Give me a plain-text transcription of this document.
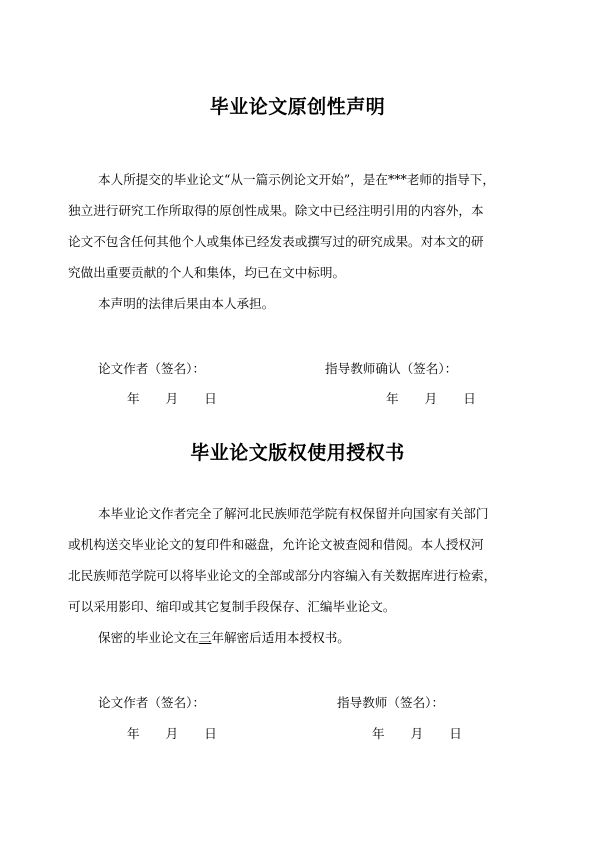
毕业论文原创性声明

本人所提交的毕业论文“从一篇示例论文开始”，是在***老师的指导下，

独立进行研究工作所取得的原创性成果。除文中已经注明引用的内容外，本

论文不包含任何其他个人或集体已经发表或撰写过的研究成果。对本文的研

究做出重要贡献的个人和集体，均已在文中标明。

本声明的法律后果由本人承担。

论文作者（签名）：	指导教师确认（签名）：
年 月 日	年 月 日
毕业论文版权使用授权书

本毕业论文作者完全了解河北民族师范学院有权保留并向国家有关部门

或机构送交毕业论文的复印件和磁盘，允许论文被查阅和借阅。本人授权河

北民族师范学院可以将毕业论文的全部或部分内容编入有关数据库进行检索，

可以采用影印、缩印或其它复制手段保存、汇编毕业论文。

保密的毕业论文在三年解密后适用本授权书。

论文作者（签名）：	指导教师（签名）：
年 月 日	年 月 日
